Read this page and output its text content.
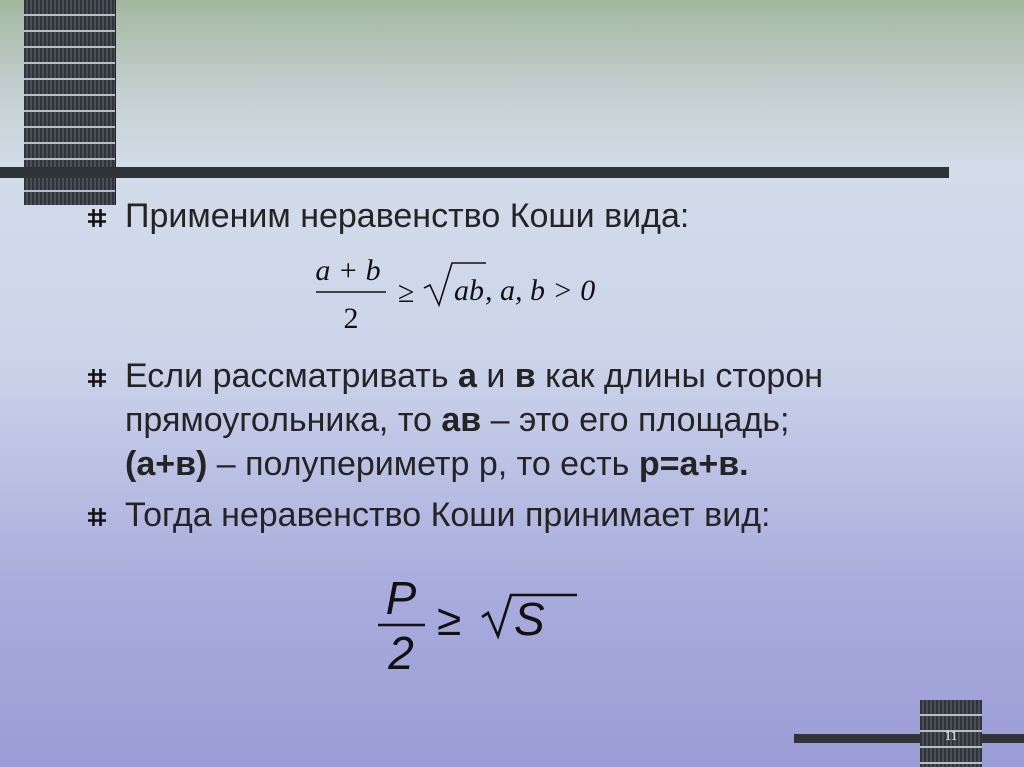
Применим неравенство Коши вида:
a + b
2
≥ ab , a, b > 0
Если рассматривать а и в как длины сторон
прямоугольника, то ав – это его площадь;
(а+в) – полупериметр р, то есть р=а+в.
Тогда неравенство Коши принимает вид:
P
2
≥ S
11
